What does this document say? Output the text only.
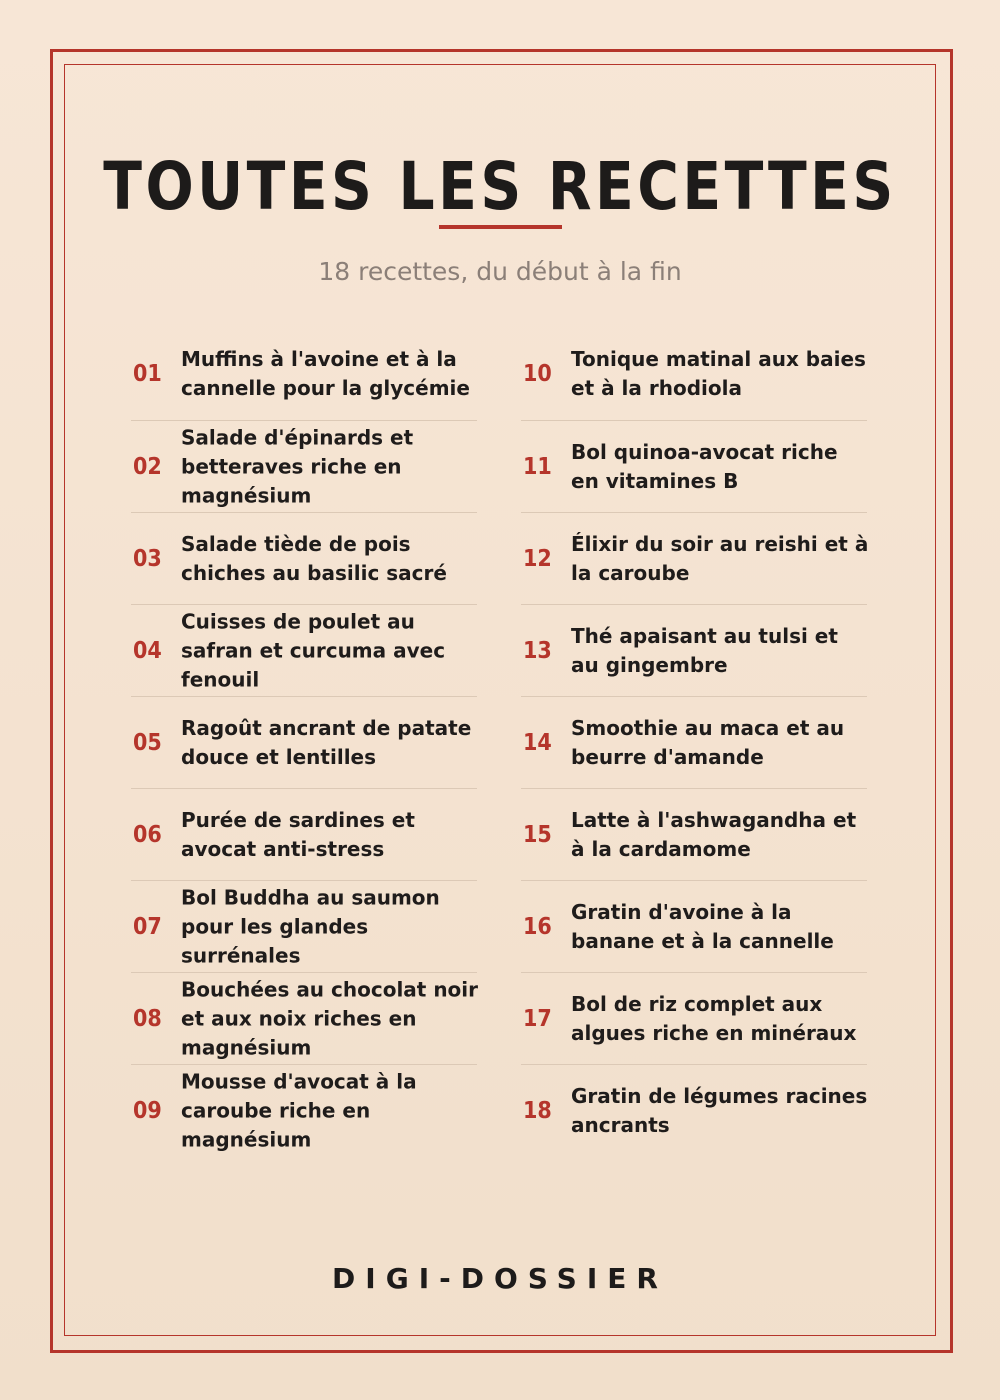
TOUTES LES RECETTES
18 recettes, du début à la fin
01
Muffins à l'avoine et à la cannelle pour la glycémie
02
Salade d'épinards et betteraves riche en magnésium
03
Salade tiède de pois chiches au basilic sacré
04
Cuisses de poulet au safran et curcuma avec fenouil
05
Ragoût ancrant de patate douce et lentilles
06
Purée de sardines et avocat anti-stress
07
Bol Buddha au saumon pour les glandes surrénales
08
Bouchées au chocolat noir et aux noix riches en magnésium
09
Mousse d'avocat à la caroube riche en magnésium
10
Tonique matinal aux baies et à la rhodiola
11
Bol quinoa-avocat riche en vitamines B
12
Élixir du soir au reishi et à la caroube
13
Thé apaisant au tulsi et au gingembre
14
Smoothie au maca et au beurre d'amande
15
Latte à l'ashwagandha et à la cardamome
16
Gratin d'avoine à la banane et à la cannelle
17
Bol de riz complet aux algues riche en minéraux
18
Gratin de légumes racines ancrants
DIGI-DOSSIER
